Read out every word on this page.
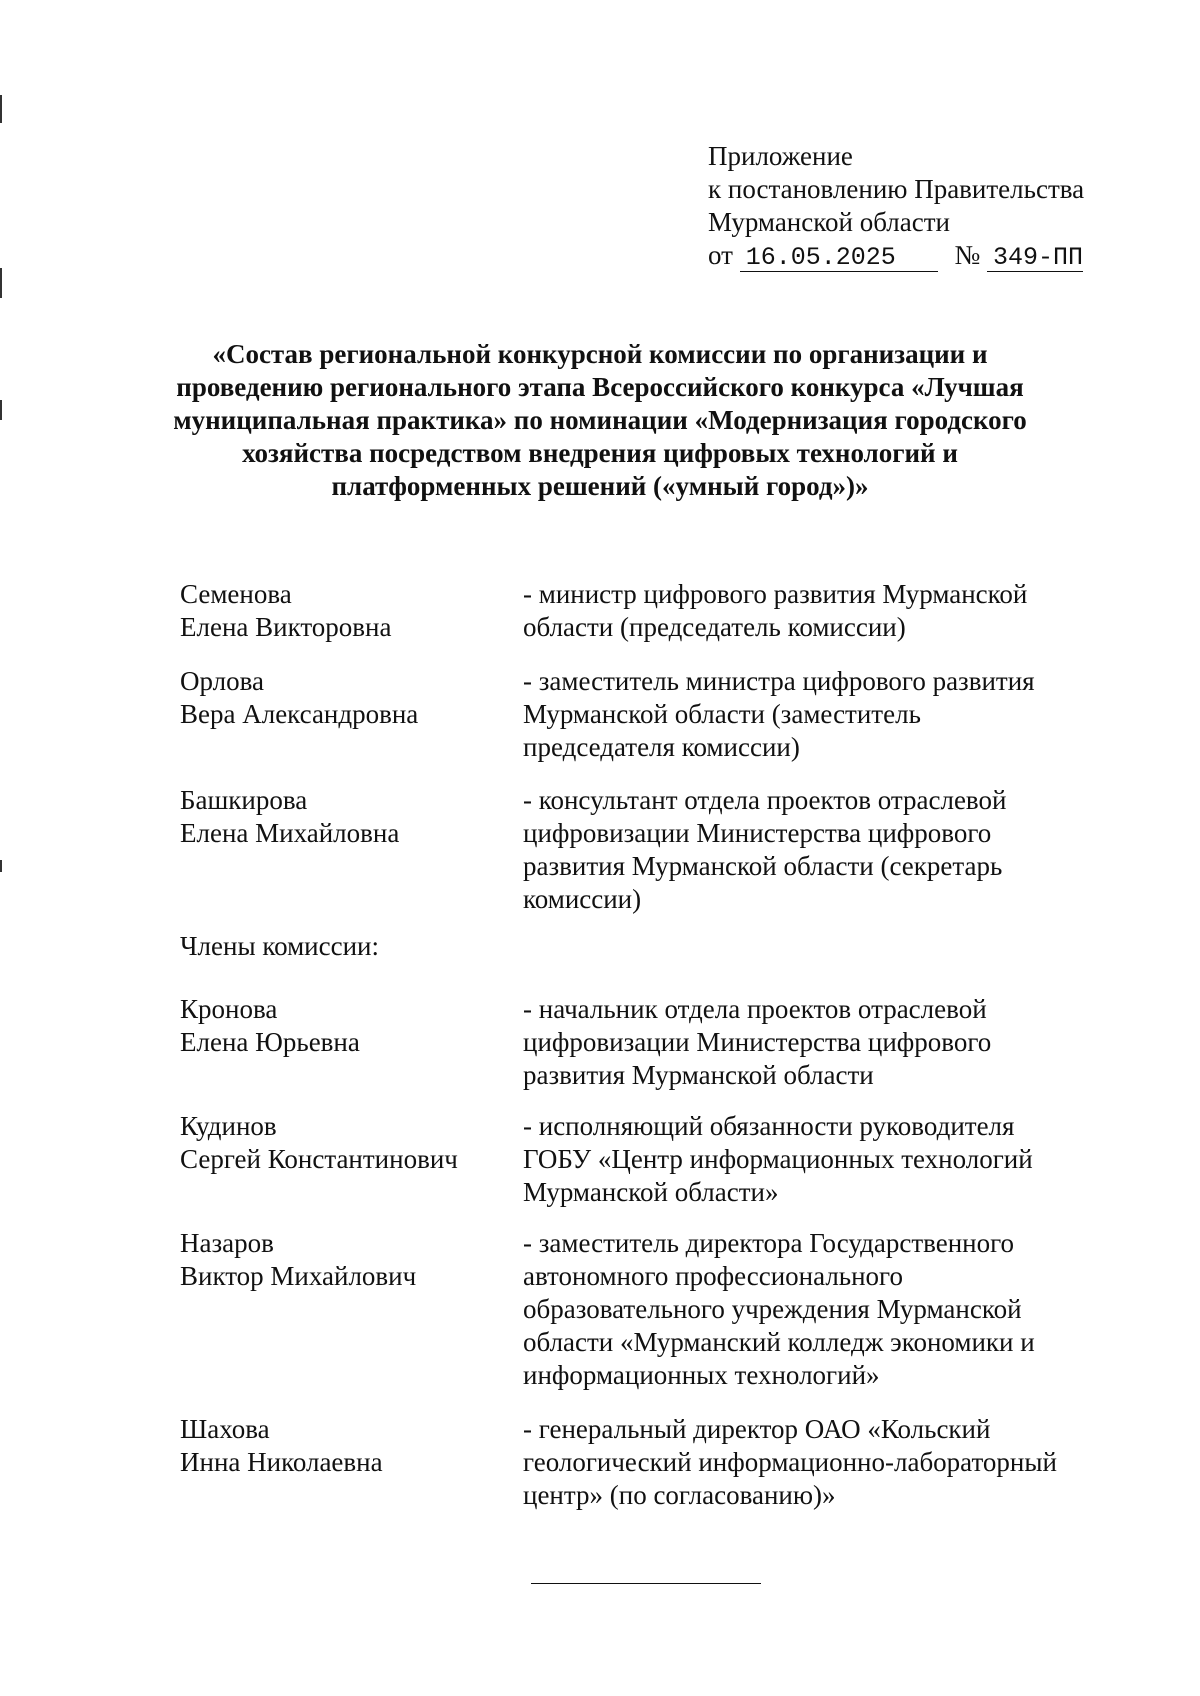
Приложение
к постановлению Правительства
Мурманской области
от 16.05.2025 № 349-ПП
«Состав региональной конкурсной комиссии по организации и
проведению регионального этапа Всероссийского конкурса «Лучшая
муниципальная практика» по номинации «Модернизация городского
хозяйства посредством внедрения цифровых технологий и
платформенных решений («умный город»)»
Семенова
Елена Викторовна
- министр цифрового развития Мурманской
области (председатель комиссии)
Орлова
Вера Александровна
- заместитель министра цифрового развития
Мурманской области (заместитель
председателя комиссии)
Башкирова
Елена Михайловна
- консультант отдела проектов отраслевой
цифровизации Министерства цифрового
развития Мурманской области (секретарь
комиссии)
Члены комиссии:
Кронова
Елена Юрьевна
- начальник отдела проектов отраслевой
цифровизации Министерства цифрового
развития Мурманской области
Кудинов
Сергей Константинович
- исполняющий обязанности руководителя
ГОБУ «Центр информационных технологий
Мурманской области»
Назаров
Виктор Михайлович
- заместитель директора Государственного
автономного профессионального
образовательного учреждения Мурманской
области «Мурманский колледж экономики и
информационных технологий»
Шахова
Инна Николаевна
- генеральный директор ОАО «Кольский
геологический информационно-лабораторный
центр» (по согласованию)»
